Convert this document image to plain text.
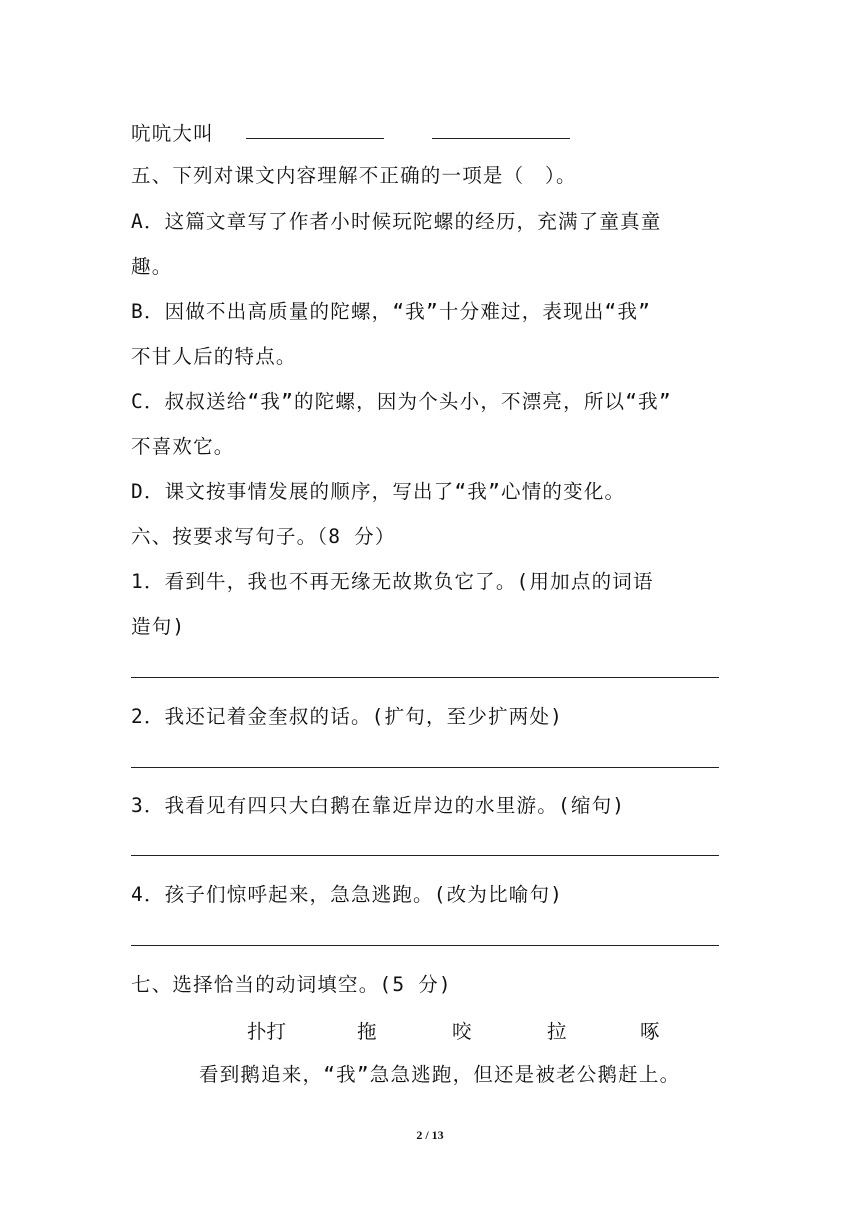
吭吭大叫
五、下列对课文内容理解不正确的一项是（　）。
A．这篇文章写了作者小时候玩陀螺的经历，充满了童真童
趣。
B．因做不出高质量的陀螺，“我”十分难过，表现出“我”
不甘人后的特点。
C．叔叔送给“我”的陀螺，因为个头小，不漂亮，所以“我”
不喜欢它。
D．课文按事情发展的顺序，写出了“我”心情的变化。
六、按要求写句子。（8 分）
1．看到牛，我也不再无缘无故欺负它了。(用加点的词语
造句)
2．我还记着金奎叔的话。(扩句，至少扩两处)
3．我看见有四只大白鹅在靠近岸边的水里游。(缩句)
4．孩子们惊呼起来，急急逃跑。(改为比喻句)
七、选择恰当的动词填空。(5 分)
扑打	拖	咬	拉	啄
看到鹅追来，“我”急急逃跑，但还是被老公鹅赶上。
2 / 13
